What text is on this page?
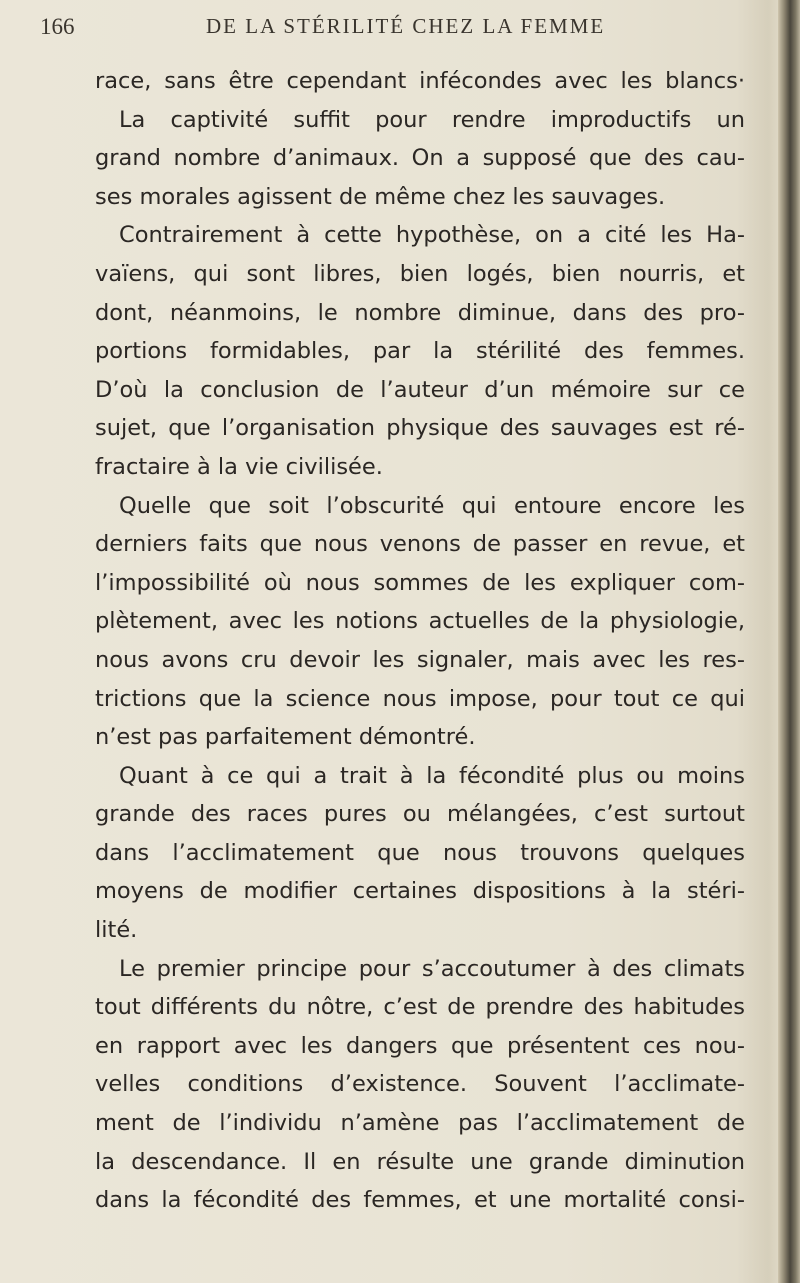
166	DE LA STÉRILITÉ CHEZ LA FEMME
race, sans être cependant infécondes avec les blancs·
La captivité suffit pour rendre improductifs un
grand nombre d’animaux. On a supposé que des cau-
ses morales agissent de même chez les sauvages.
Contrairement à cette hypothèse, on a cité les Ha-
vaïens, qui sont libres, bien logés, bien nourris, et
dont, néanmoins, le nombre diminue, dans des pro-
portions formidables, par la stérilité des femmes.
D’où la conclusion de l’auteur d’un mémoire sur ce
sujet, que l’organisation physique des sauvages est ré-
fractaire à la vie civilisée.
Quelle que soit l’obscurité qui entoure encore les
derniers faits que nous venons de passer en revue, et
l’impossibilité où nous sommes de les expliquer com-
plètement, avec les notions actuelles de la physiologie,
nous avons cru devoir les signaler, mais avec les res-
trictions que la science nous impose, pour tout ce qui
n’est pas parfaitement démontré.
Quant à ce qui a trait à la fécondité plus ou moins
grande des races pures ou mélangées, c’est surtout
dans l’acclimatement que nous trouvons quelques
moyens de modifier certaines dispositions à la stéri-
lité.
Le premier principe pour s’accoutumer à des climats
tout différents du nôtre, c’est de prendre des habitudes
en rapport avec les dangers que présentent ces nou-
velles conditions d’existence. Souvent l’acclimate-
ment de l’individu n’amène pas l’acclimatement de
la descendance. Il en résulte une grande diminution
dans la fécondité des femmes, et une mortalité consi-
